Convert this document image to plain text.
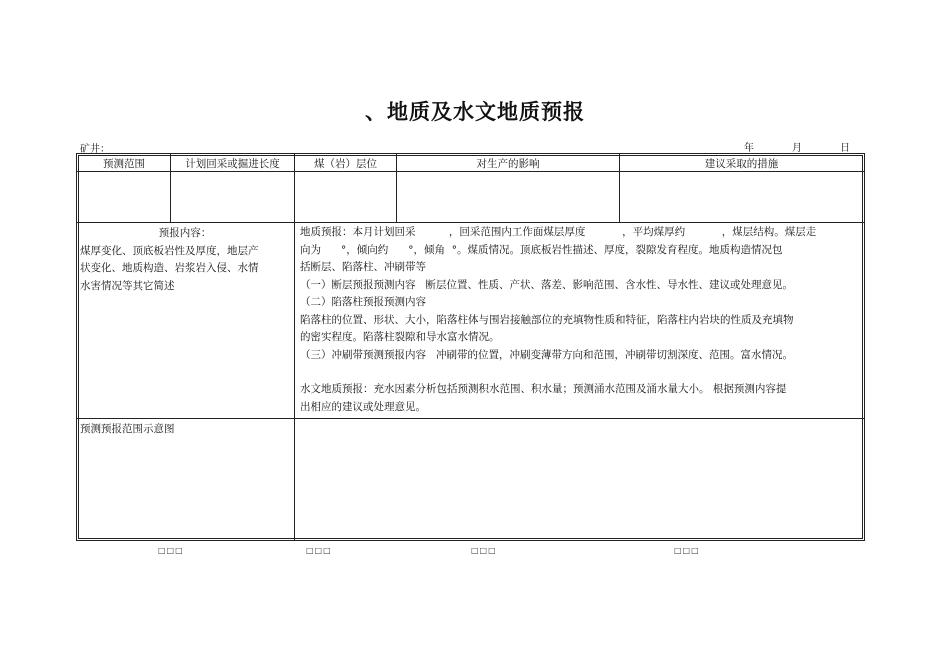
、地质及水文地质预报
矿井：	年	月	日
预测范围	计划回采或掘进长度	煤（岩）层位	对生产的影响	建议采取的措施
预报内容：
煤厚变化、顶底板岩性及厚度，地层产
状变化、地质构造、岩浆岩入侵、水情
水害情况等其它简述

地质预报：本月计划回采          ，回采范围内工作面煤层厚度           ，平均煤厚约           ，煤层结构。煤层走

向为      °，倾向约      °，倾角  °。煤质情况。顶底板岩性描述、厚度，裂隙发育程度。地质构造情况包

括断层、陷落柱、冲刷带等

（一）断层预报预测内容   断层位置、性质、产状、落差、影响范围、含水性、导水性、建议或处理意见。

（二）陷落柱预报预测内容

陷落柱的位置、形状、大小，陷落柱体与围岩接触部位的充填物性质和特征，陷落柱内岩块的性质及充填物

的密实程度。陷落柱裂隙和导水富水情况。

（三）冲刷带预测预报内容   冲刷带的位置，冲刷变薄带方向和范围，冲刷带切割深度、范围。富水情况。

水文地质预报：充水因素分析包括预测积水范围、积水量；预测涌水范围及涌水量大小。 根据预测内容提

出相应的建议或处理意见。

预测预报范围示意图
□□□	□□□	□□□	□□□
